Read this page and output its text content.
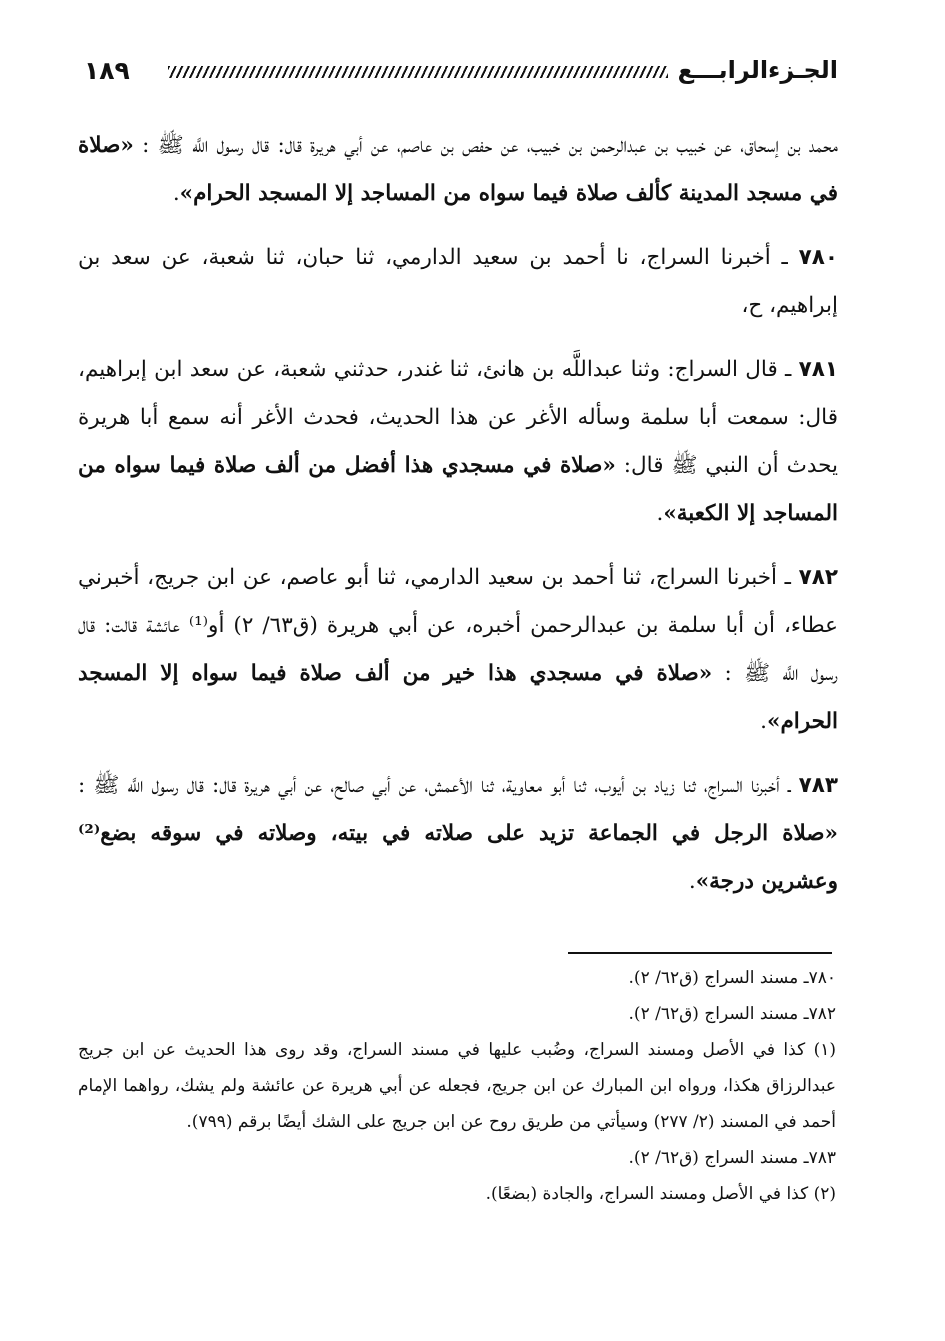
الجـزءالرابـــع
١٨٩

محمد بن إسحاق، عن خبيب بن عبدالرحمن بن خبيب، عن حفص بن عاصم، عن أبي هريرة قال: قال رسول اللَّه ﷺ : «صلاة في مسجد المدينة كألف صلاة فيما سواه من المساجد إلا المسجد الحرام».

٧٨٠ ـ أخبرنا السراج، نا أحمد بن سعيد الدارمي، ثنا حبان، ثنا شعبة، عن سعد بن إبراهيم، ح،

٧٨١ ـ قال السراج: وثنا عبداللَّه بن هانئ، ثنا غندر، حدثني شعبة، عن سعد ابن إبراهيم، قال: سمعت أبا سلمة وسأله الأغر عن هذا الحديث، فحدث الأغر أنه سمع أبا هريرة يحدث أن النبي ﷺ قال: «صلاة في مسجدي هذا أفضل من ألف صلاة فيما سواه من المساجد إلا الكعبة».

٧٨٢ ـ أخبرنا السراج، ثنا أحمد بن سعيد الدارمي، ثنا أبو عاصم، عن ابن جريج، أخبرني عطاء، أن أبا سلمة بن عبدالرحمن أخبره، عن أبي هريرة (ق٦٣/ ٢) أو⁽¹⁾ عائشة قالت: قال رسول اللَّه ﷺ : «صلاة في مسجدي هذا خير من ألف صلاة فيما سواه إلا المسجد الحرام».

٧٨٣ ـ أخبرنا السراج، ثنا زياد بن أيوب، ثنا أبو معاوية، ثنا الأعمش، عن أبي صالح، عن أبي هريرة قال: قال رسول اللَّه ﷺ : «صلاة الرجل في الجماعة تزيد على صلاته في بيته، وصلاته في سوقه بضع⁽²⁾ وعشرين درجة».

٧٨٠ـ مسند السراج (ق٦٢/ ٢).

٧٨٢ـ مسند السراج (ق٦٢/ ٢).

(١) كذا في الأصل ومسند السراج، وضُبب عليها في مسند السراج، وقد روى هذا الحديث عن ابن جريج عبدالرزاق هكذا، ورواه ابن المبارك عن ابن جريج، فجعله عن أبي هريرة عن عائشة ولم يشك، رواهما الإمام أحمد في المسند (٢/ ٢٧٧) وسيأتي من طريق روح عن ابن جريج على الشك أيضًا برقم (٧٩٩).

٧٨٣ـ مسند السراج (ق٦٢/ ٢).

(٢) كذا في الأصل ومسند السراج، والجادة (بضعًا).
